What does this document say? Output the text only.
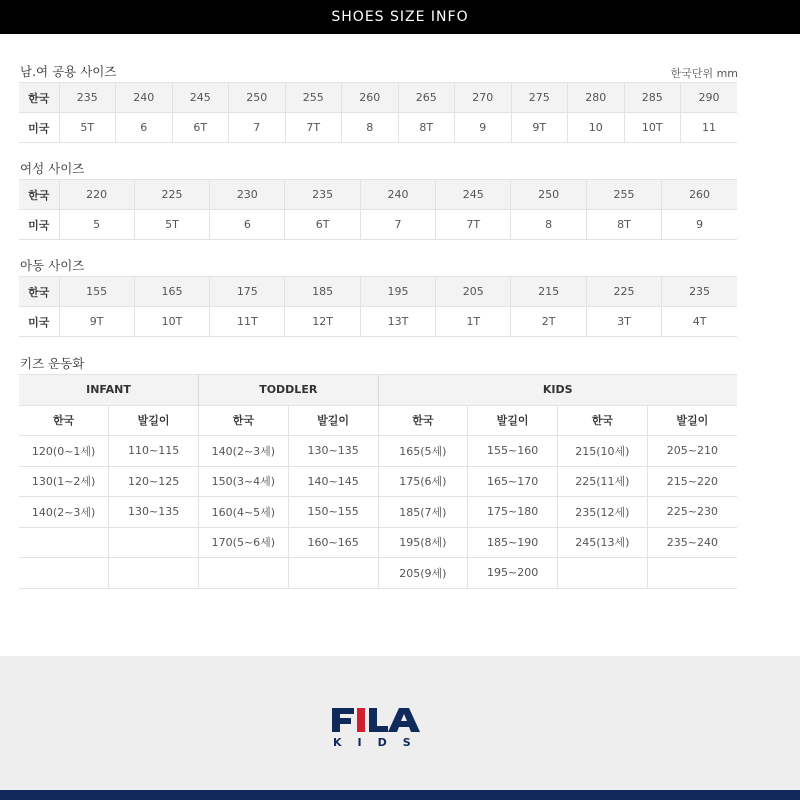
SHOES SIZE INFO
남.여 공용 사이즈	한국단위 mm
한국	235	240	245	250	255	260	265	270	275	280	285	290
미국	5T	6	6T	7	7T	8	8T	9	9T	10	10T	11
여성 사이즈
한국	220	225	230	235	240	245	250	255	260
미국	5	5T	6	6T	7	7T	8	8T	9
아동 사이즈
한국	155	165	175	185	195	205	215	225	235
미국	9T	10T	11T	12T	13T	1T	2T	3T	4T
키즈 운동화
INFANT		TODDLER		KIDS			
한국	발길이	한국	발길이	한국	발길이	한국	발길이
120(0~1세)	110~115	140(2~3세)	130~135	165(5세)	155~160	215(10세)	205~210
130(1~2세)	120~125	150(3~4세)	140~145	175(6세)	165~170	225(11세)	215~220
140(2~3세)	130~135	160(4~5세)	150~155	185(7세)	175~180	235(12세)	225~230
		170(5~6세)	160~165	195(8세)	185~190	245(13세)	235~240
				205(9세)	195~200		
KIDS
